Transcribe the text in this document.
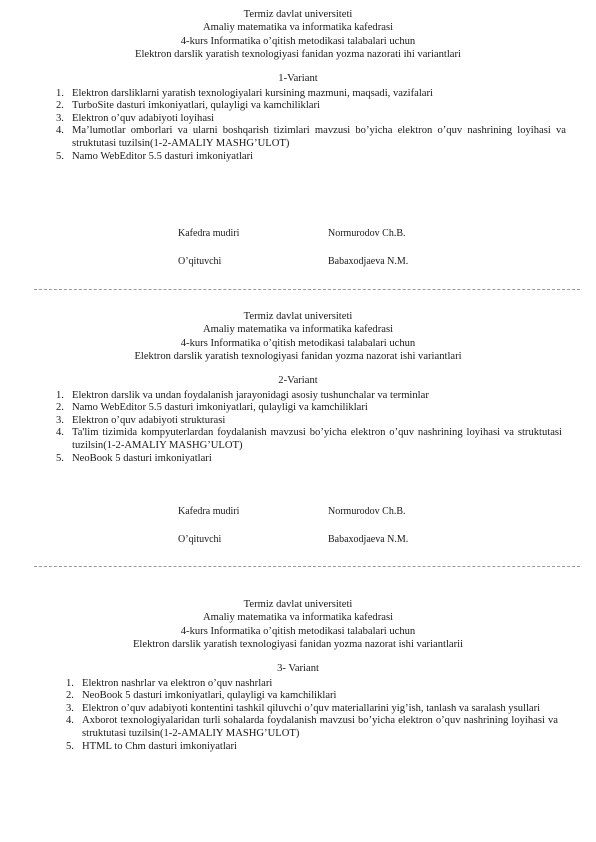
Termiz davlat universiteti
Amaliy matematika va informatika kafedrasi
4-kurs Informatika o’qitish metodikasi talabalari uchun
Elektron darslik yaratish texnologiyasi fanidan yozma nazorati ihi variantlari
1-Variant
1. Elektron darsliklarni yaratish texnologiyalari kursining mazmuni, maqsadi, vazifalari
2. TurboSite dasturi imkoniyatlari, qulayligi va kamchiliklari
3. Elektron o’quv adabiyoti loyihasi
4. Ma’lumotlar omborlari va ularni boshqarish tizimlari mavzusi bo’yicha elektron o’quv nashrining loyihasi va struktutasi tuzilsin(1-2-AMALIY MASHG’ULOT)
5. Namo WebEditor 5.5 dasturi imkoniyatlari
Kafedra mudiri	Normurodov Ch.B.
O’qituvchi	Babaxodjaeva N.M.
Termiz davlat universiteti
Amaliy matematika va informatika kafedrasi
4-kurs Informatika o’qitish metodikasi talabalari uchun
Elektron darslik yaratish texnologiyasi fanidan yozma nazorat ishi variantlari
2-Variant
1. Elektron darslik va undan foydalanish jarayonidagi asosiy tushunchalar va terminlar
2. Namo WebEditor 5.5 dasturi imkoniyatlari, qulayligi va kamchiliklari
3. Elektron o’quv adabiyoti strukturasi
4. Ta'lim tizimida kompyuterlardan foydalanish mavzusi bo’yicha elektron o’quv nashrining loyihasi va struktutasi tuzilsin(1-2-AMALIY MASHG’ULOT)
5. NeoBook 5 dasturi imkoniyatlari
Kafedra mudiri	Normurodov Ch.B.
O’qituvchi	Babaxodjaeva N.M.
Termiz davlat universiteti
Amaliy matematika va informatika kafedrasi
4-kurs Informatika o’qitish metodikasi talabalari uchun
Elektron darslik yaratish texnologiyasi fanidan yozma nazorat ishi variantlarii
3- Variant
1. Elektron nashrlar va elektron o’quv nashrlari
2. NeoBook 5 dasturi imkoniyatlari, qulayligi va kamchiliklari
3. Elektron o’quv adabiyoti kontentini tashkil qiluvchi o’quv materiallarini yig’ish, tanlash va saralash ysullari
4. Axborot texnologiyalaridan turli sohalarda foydalanish mavzusi bo’yicha elektron o’quv nashrining loyihasi va struktutasi tuzilsin(1-2-AMALIY MASHG’ULOT)
5. HTML to Chm dasturi imkoniyatlari
